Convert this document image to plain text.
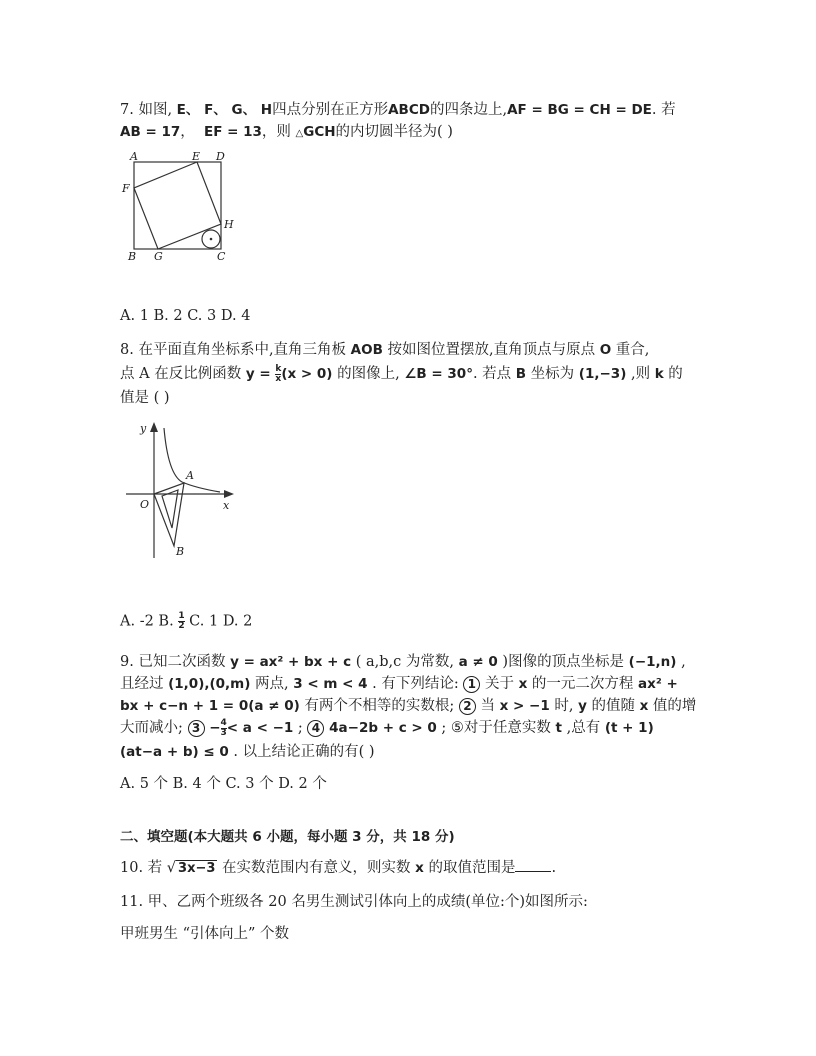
7. 如图, E、 F、 G、 H四点分别在正方形ABCD的四条边上,AF = BG = CH = DE. 若
AB = 17， EF = 13，则 △GCH的内切圆半径为( )
A	E D
F
H
B G	C
A. 1 B. 2 C. 3 D. 4
8. 在平面直角坐标系中,直角三角板 AOB 按如图位置摆放,直角顶点与原点 O 重合,
点 A 在反比例函数 $y = \frac{k}{x} (x > 0)$ 的图像上, ∠B = 30°. 若点 B 坐标为 (1,−3) ,则 k 的
值是 ( )
y
x
O
A
B
A. -2 B. $\frac{1}{2} C$. 1 D. 2
9. 已知二次函数 y = ax² + bx + c ( a,b,c 为常数, a ≠ 0 )图像的顶点坐标是 (−1,n) ,
且经过 (1,0),(0,m) 两点, 3 < m < 4 . 有下列结论: 1 关于 x 的一元二次方程 ax² +
bx + c−n + 1 = 0(a ≠ 0) 有两个不相等的实数根; 2 当 x > −1 时, y 的值随 x 值的增
大而减小; $3 - \frac{4}{3} < a < -1$ ; 4 4a−2b + c > 0 ; ⑤对于任意实数 t ,总有 (t + 1)
(at−a + b) ≤ 0 . 以上结论正确的有( )
A. 5 个 B. 4 个 C. 3 个 D. 2 个
二、填空题(本大题共 6 小题，每小题 3 分，共 18 分)
10. 若 √ 3x−3 在实数范围内有意义，则实数 x 的取值范围是 .
11. 甲、乙两个班级各 20 名男生测试引体向上的成绩(单位:个)如图所示:
甲班男生 “引体向上” 个数
